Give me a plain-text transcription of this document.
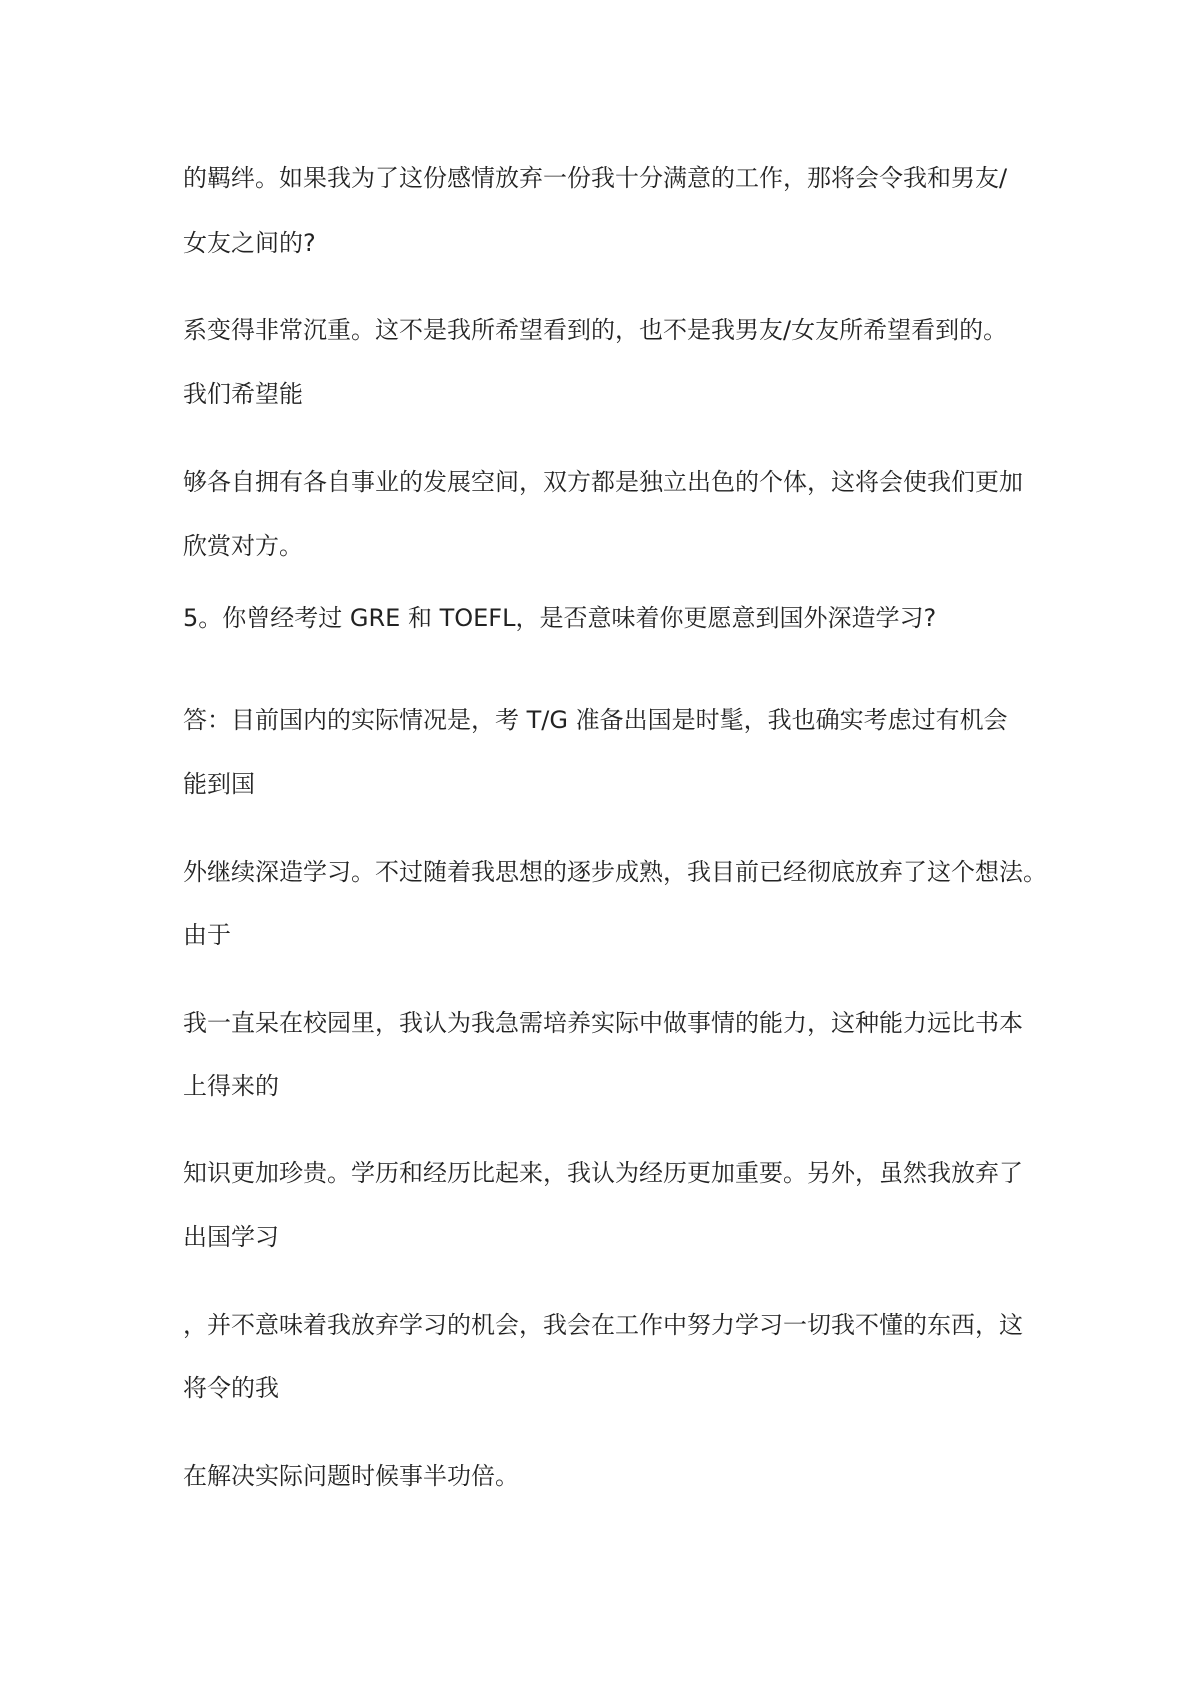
的羁绊。如果我为了这份感情放弃一份我十分满意的工作，那将会令我和男友/

女友之间的?

系变得非常沉重。这不是我所希望看到的，也不是我男友/女友所希望看到的。

我们希望能

够各自拥有各自事业的发展空间，双方都是独立出色的个体，这将会使我们更加

欣赏对方。

5。你曾经考过 GRE 和 TOEFL，是否意味着你更愿意到国外深造学习?

答：目前国内的实际情况是，考 T/G 准备出国是时髦，我也确实考虑过有机会

能到国

外继续深造学习。不过随着我思想的逐步成熟，我目前已经彻底放弃了这个想法。

由于

我一直呆在校园里，我认为我急需培养实际中做事情的能力，这种能力远比书本

上得来的

知识更加珍贵。学历和经历比起来，我认为经历更加重要。另外，虽然我放弃了

出国学习

，并不意味着我放弃学习的机会，我会在工作中努力学习一切我不懂的东西，这

将令的我

在解决实际问题时候事半功倍。
